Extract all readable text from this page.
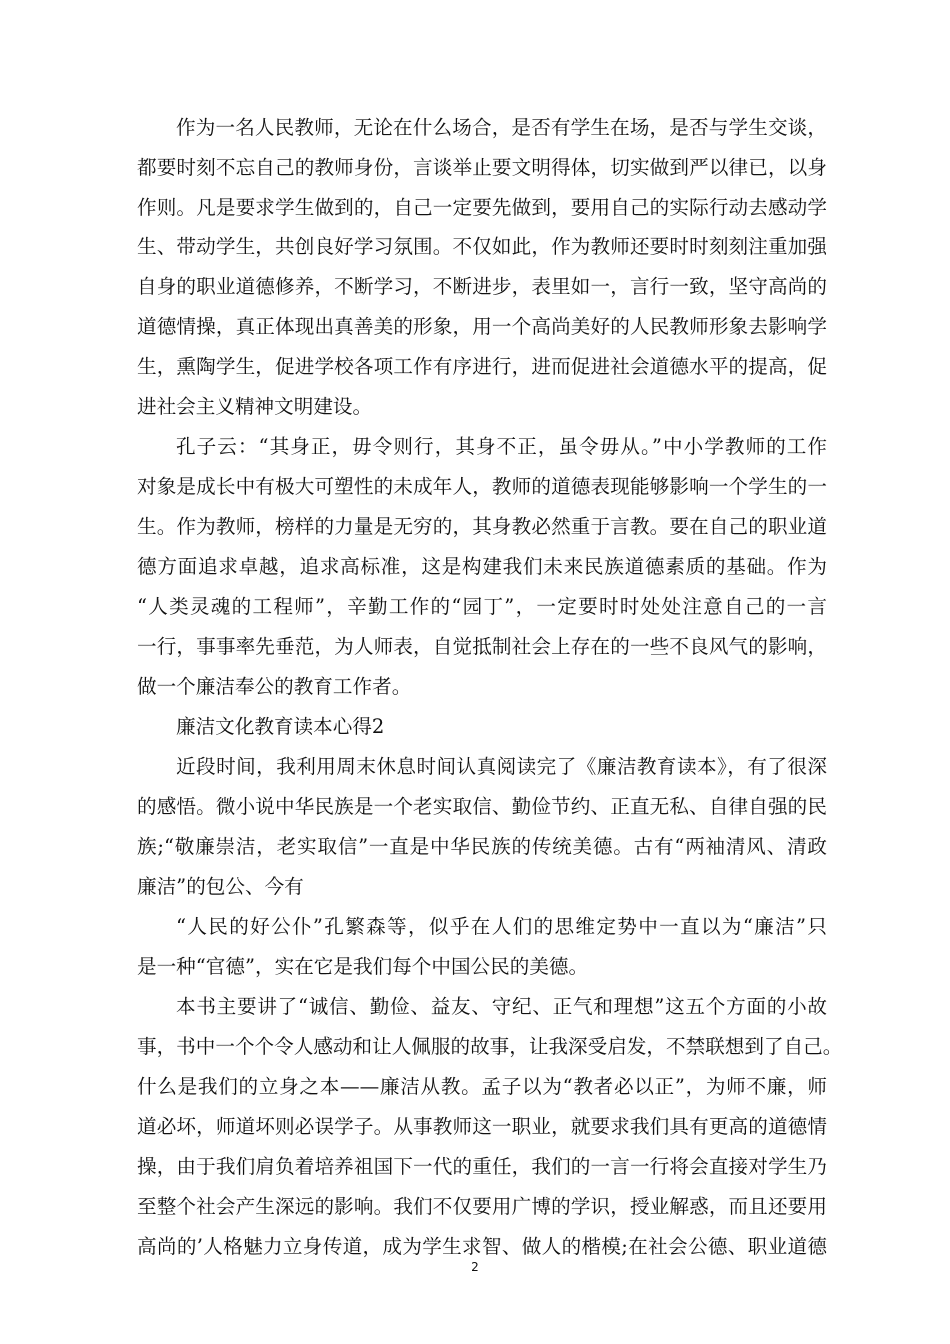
作为一名人民教师，无论在什么场合，是否有学生在场，是否与学生交谈，
都要时刻不忘自己的教师身份，言谈举止要文明得体，切实做到严以律已，以身
作则。凡是要求学生做到的，自己一定要先做到，要用自己的实际行动去感动学
生、带动学生，共创良好学习氛围。不仅如此，作为教师还要时时刻刻注重加强
自身的职业道德修养，不断学习，不断进步，表里如一，言行一致，坚守高尚的
道德情操，真正体现出真善美的形象，用一个高尚美好的人民教师形象去影响学
生，熏陶学生，促进学校各项工作有序进行，进而促进社会道德水平的提高，促
进社会主义精神文明建设。
孔子云：“其身正，毋令则行，其身不正，虽令毋从。”中小学教师的工作
对象是成长中有极大可塑性的未成年人，教师的道德表现能够影响一个学生的一
生。作为教师，榜样的力量是无穷的，其身教必然重于言教。要在自己的职业道
德方面追求卓越，追求高标准，这是构建我们未来民族道德素质的基础。作为
“人类灵魂的工程师”，辛勤工作的“园丁”，一定要时时处处注意自己的一言
一行，事事率先垂范，为人师表，自觉抵制社会上存在的一些不良风气的影响，
做一个廉洁奉公的教育工作者。
廉洁文化教育读本心得2
近段时间，我利用周末休息时间认真阅读完了《廉洁教育读本》，有了很深
的感悟。微小说中华民族是一个老实取信、勤俭节约、正直无私、自律自强的民
族;“敬廉崇洁，老实取信”一直是中华民族的传统美德。古有“两袖清风、清政
廉洁”的包公、今有
“人民的好公仆”孔繁森等，似乎在人们的思维定势中一直以为“廉洁”只
是一种“官德”，实在它是我们每个中国公民的美德。
本书主要讲了“诚信、勤俭、益友、守纪、正气和理想”这五个方面的小故
事，书中一个个令人感动和让人佩服的故事，让我深受启发，不禁联想到了自己。
什么是我们的立身之本——廉洁从教。孟子以为“教者必以正”，为师不廉，师
道必坏，师道坏则必误学子。从事教师这一职业，就要求我们具有更高的道德情
操，由于我们肩负着培养祖国下一代的重任，我们的一言一行将会直接对学生乃
至整个社会产生深远的影响。我们不仅要用广博的学识，授业解惑，而且还要用
高尚的’人格魅力立身传道，成为学生求智、做人的楷模;在社会公德、职业道德
2
